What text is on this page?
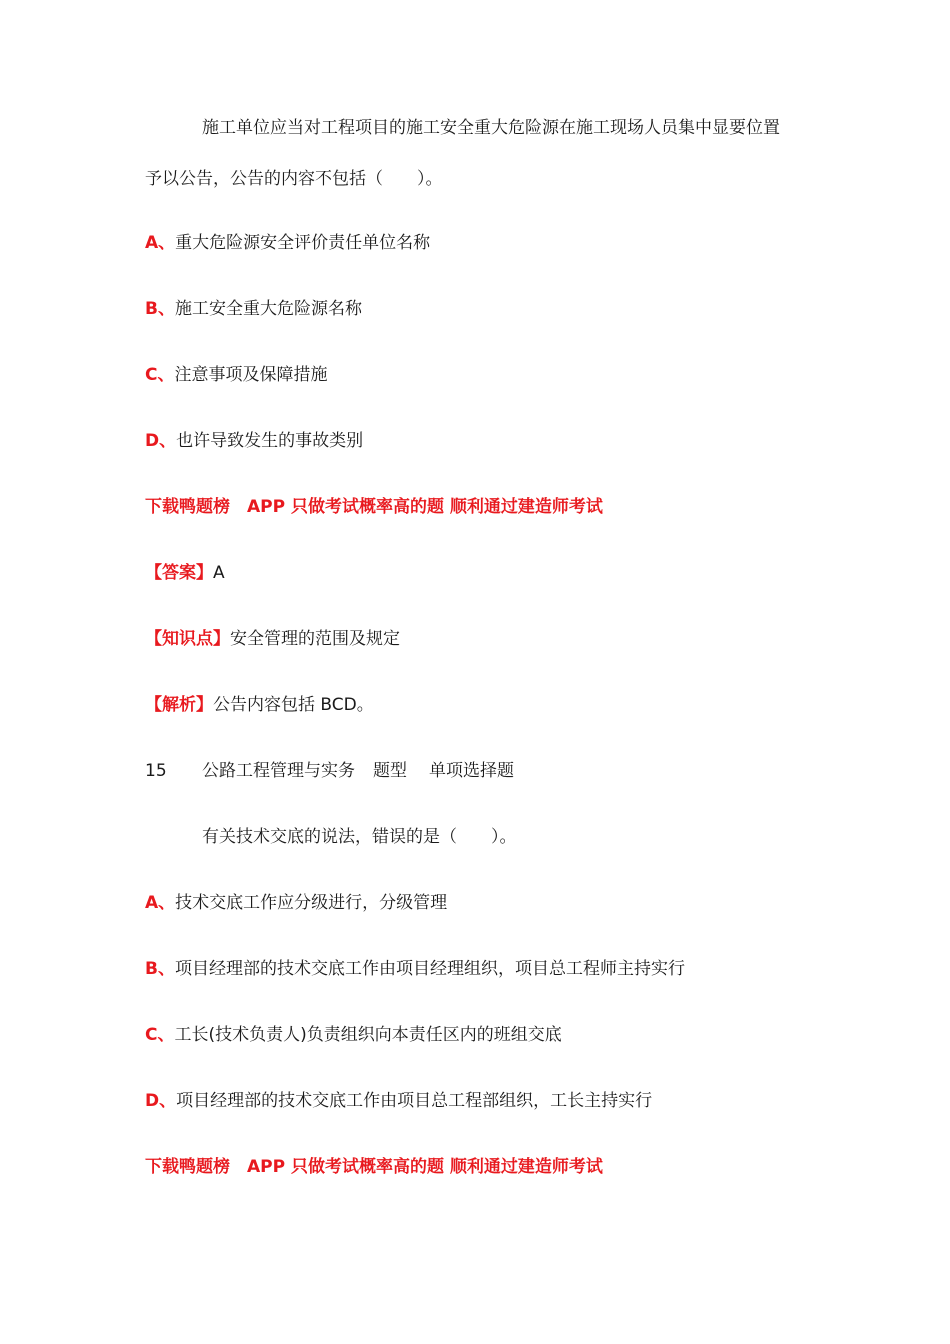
施工单位应当对工程项目的施工安全重大危险源在施工现场人员集中显要位置
予以公告，公告的内容不包括（　　）。
A、重大危险源安全评价责任单位名称
B、施工安全重大危险源名称
C、注意事项及保障措施
D、也许导致发生的事故类别
下载鸭题榜　APP 只做考试概率高的题 顺利通过建造师考试
【答案】A
【知识点】安全管理的范围及规定
【解析】公告内容包括 BCD。
15 公路工程管理与实务 题型 单项选择题
有关技术交底的说法，错误的是（　　）。
A、技术交底工作应分级进行，分级管理
B、项目经理部的技术交底工作由项目经理组织，项目总工程师主持实行
C、工长(技术负责人)负责组织向本责任区内的班组交底
D、项目经理部的技术交底工作由项目总工程部组织，工长主持实行
下载鸭题榜　APP 只做考试概率高的题 顺利通过建造师考试
